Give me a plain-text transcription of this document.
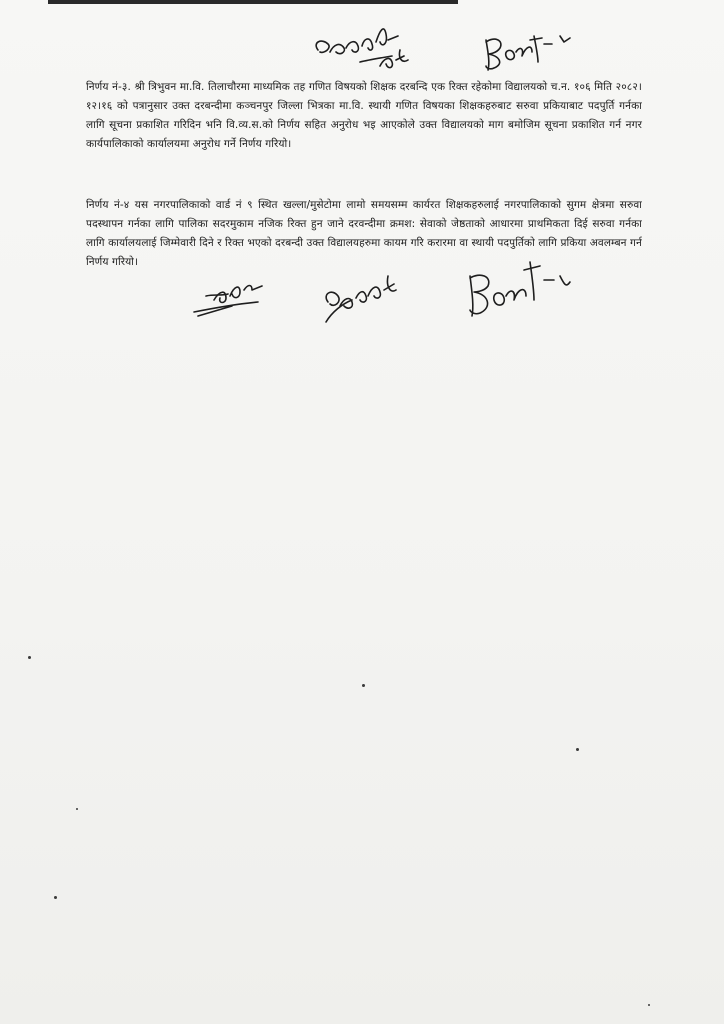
निर्णय नं-३. श्री त्रिभुवन मा.वि. तिलाचौरमा माध्यमिक तह गणित विषयको शिक्षक दरबन्दि एक रिक्त रहेकोमा विद्यालयको च.न. १०६ मिति २०८२।१२।१६ को पत्रानुसार उक्त दरबन्दीमा कञ्चनपुर जिल्ला भित्रका मा.वि. स्थायी गणित विषयका शिक्षकहरुबाट सरुवा प्रकियाबाट पदपुर्ति गर्नका लागि सूचना प्रकाशित गरिदिन भनि वि.व्य.स.को निर्णय सहित अनुरोध भइ आएकोले उक्त विद्यालयको माग बमोजिम सूचना प्रकाशित गर्न नगर कार्यपालिकाको कार्यालयमा अनुरोध गर्ने निर्णय गरियो।
निर्णय नं-४ यस नगरपालिकाको वार्ड नं ९ स्थित खल्ला/मुसेटोमा लामो समयसम्म कार्यरत शिक्षकहरुलाई नगरपालिकाको सुगम क्षेत्रमा सरुवा पदस्थापन गर्नका लागि पालिका सदरमुकाम नजिक रिक्त हुन जाने दरवन्दीमा क्रमश: सेवाको जेष्ठताको आधारमा प्राथमिकता दिई सरुवा गर्नका लागि कार्यालयलाई जिम्मेवारी दिने र रिक्त भएको दरबन्दी उक्त विद्यालयहरुमा कायम गरि करारमा वा स्थायी पदपुर्तिको लागि प्रकिया अवलम्बन गर्न निर्णय गरियो।
